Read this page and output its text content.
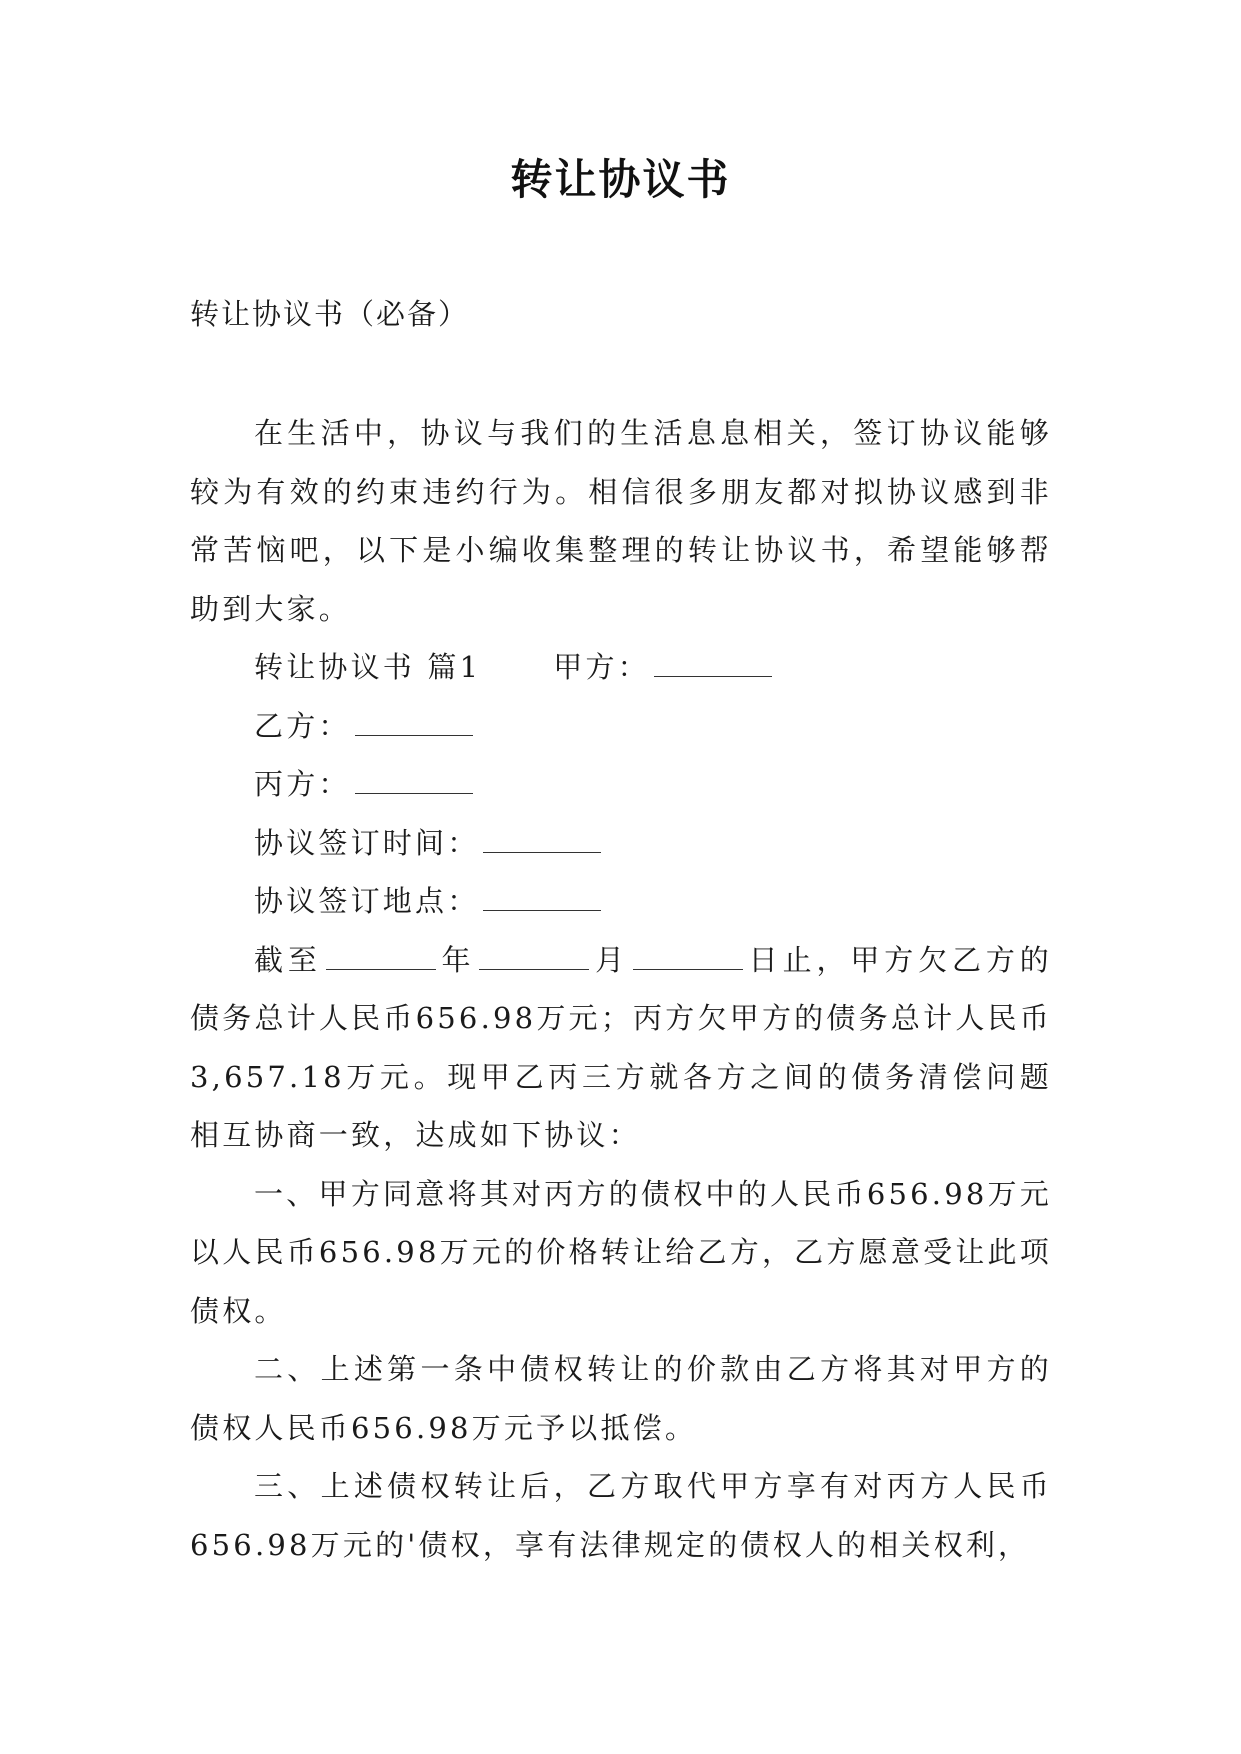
转让协议书

转让协议书（必备）

在生活中，协议与我们的生活息息相关，签订协议能够较为有效的约束违约行为。相信很多朋友都对拟协议感到非常苦恼吧，以下是小编收集整理的转让协议书，希望能够帮助到大家。

转让协议书 篇1 甲方：

乙方：

丙方：

协议签订时间：

协议签订地点：

截至	年	月	日止，甲方欠乙方的债务总计人民币656.98万元；丙方欠甲方的债务总计人民币3,657.18万元。现甲乙丙三方就各方之间的债务清偿问题相互协商一致，达成如下协议：

一、甲方同意将其对丙方的债权中的人民币656.98万元以人民币656.98万元的价格转让给乙方，乙方愿意受让此项债权。

二、上述第一条中债权转让的价款由乙方将其对甲方的债权人民币656.98万元予以抵偿。

三、上述债权转让后，乙方取代甲方享有对丙方人民币656.98万元的'债权，享有法律规定的债权人的相关权利，
